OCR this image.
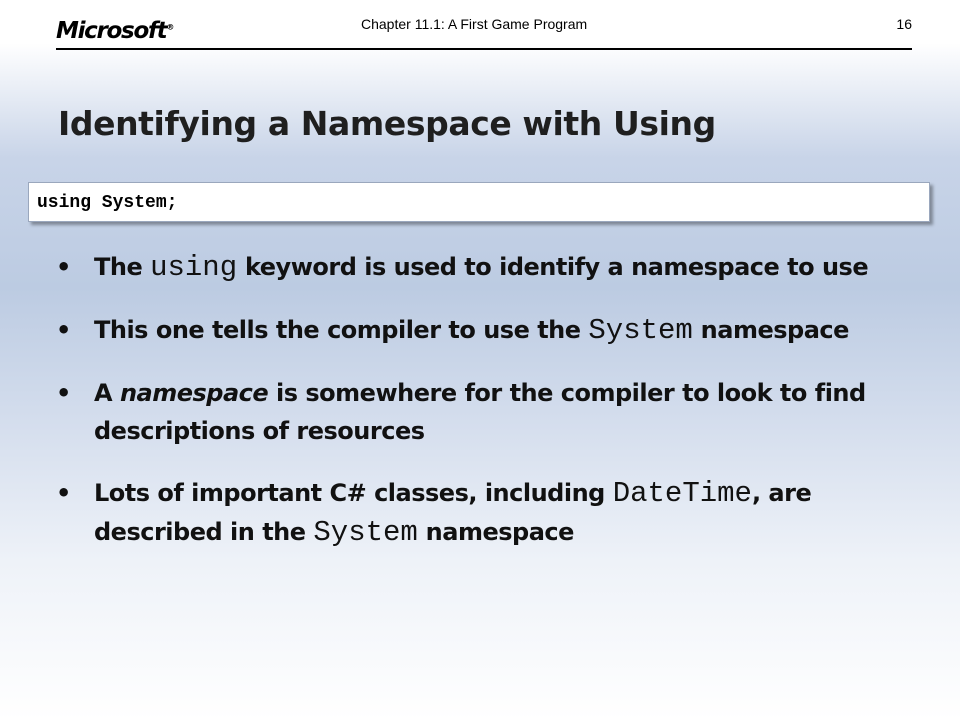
Microsoft®	Chapter 11.1: A First Game Program	16
Identifying a Namespace with Using
using System;
• The using keyword is used to identify a namespace to use
• This one tells the compiler to use the System namespace
• A namespace is somewhere for the compiler to look to find descriptions of resources
• Lots of important C# classes, including DateTime, are described in the System namespace
